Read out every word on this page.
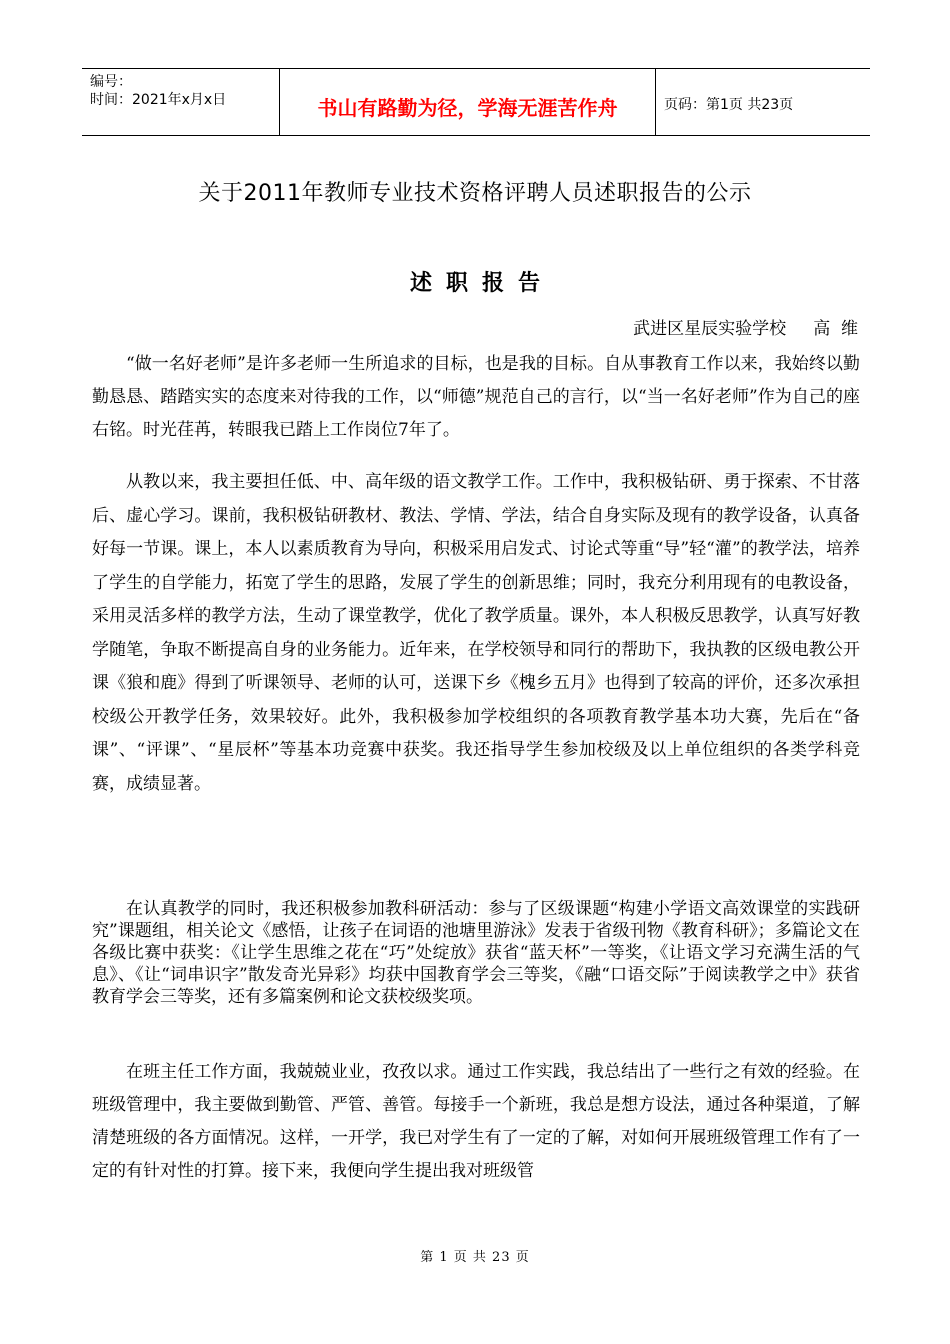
编号：
时间：2021年x月x日	书山有路勤为径，学海无涯苦作舟	页码：第1页 共23页
关于2011年教师专业技术资格评聘人员述职报告的公示
述职报告
武进区星辰实验学校     高  维
“做一名好老师”是许多老师一生所追求的目标，也是我的目标。自从事教育工作以来，我始终以勤勤恳恳、踏踏实实的态度来对待我的工作，以“师德”规范自己的言行，以“当一名好老师”作为自己的座右铭。时光荏苒，转眼我已踏上工作岗位7年了。
从教以来，我主要担任低、中、高年级的语文教学工作。工作中，我积极钻研、勇于探索、不甘落后、虚心学习。课前，我积极钻研教材、教法、学情、学法，结合自身实际及现有的教学设备，认真备好每一节课。课上，本人以素质教育为导向，积极采用启发式、讨论式等重“导”轻“灌”的教学法，培养了学生的自学能力，拓宽了学生的思路，发展了学生的创新思维；同时，我充分利用现有的电教设备，采用灵活多样的教学方法，生动了课堂教学，优化了教学质量。课外，本人积极反思教学，认真写好教学随笔，争取不断提高自身的业务能力。近年来，在学校领导和同行的帮助下，我执教的区级电教公开课《狼和鹿》得到了听课领导、老师的认可，送课下乡《槐乡五月》也得到了较高的评价，还多次承担校级公开教学任务，效果较好。此外，我积极参加学校组织的各项教育教学基本功大赛，先后在“备课”、“评课”、“星辰杯”等基本功竞赛中获奖。我还指导学生参加校级及以上单位组织的各类学科竞赛，成绩显著。
在认真教学的同时，我还积极参加教科研活动：参与了区级课题“构建小学语文高效课堂的实践研究”课题组，相关论文《感悟，让孩子在词语的池塘里游泳》发表于省级刊物《教育科研》；多篇论文在各级比赛中获奖：《让学生思维之花在“巧”处绽放》获省“蓝天杯”一等奖，《让语文学习充满生活的气息》、《让“词串识字”散发奇光异彩》均获中国教育学会三等奖，《融“口语交际”于阅读教学之中》获省教育学会三等奖，还有多篇案例和论文获校级奖项。
在班主任工作方面，我兢兢业业，孜孜以求。通过工作实践，我总结出了一些行之有效的经验。在班级管理中，我主要做到勤管、严管、善管。每接手一个新班，我总是想方设法，通过各种渠道，了解清楚班级的各方面情况。这样，一开学，我已对学生有了一定的了解，对如何开展班级管理工作有了一定的有针对性的打算。接下来，我便向学生提出我对班级管
第 1 页 共 23 页
